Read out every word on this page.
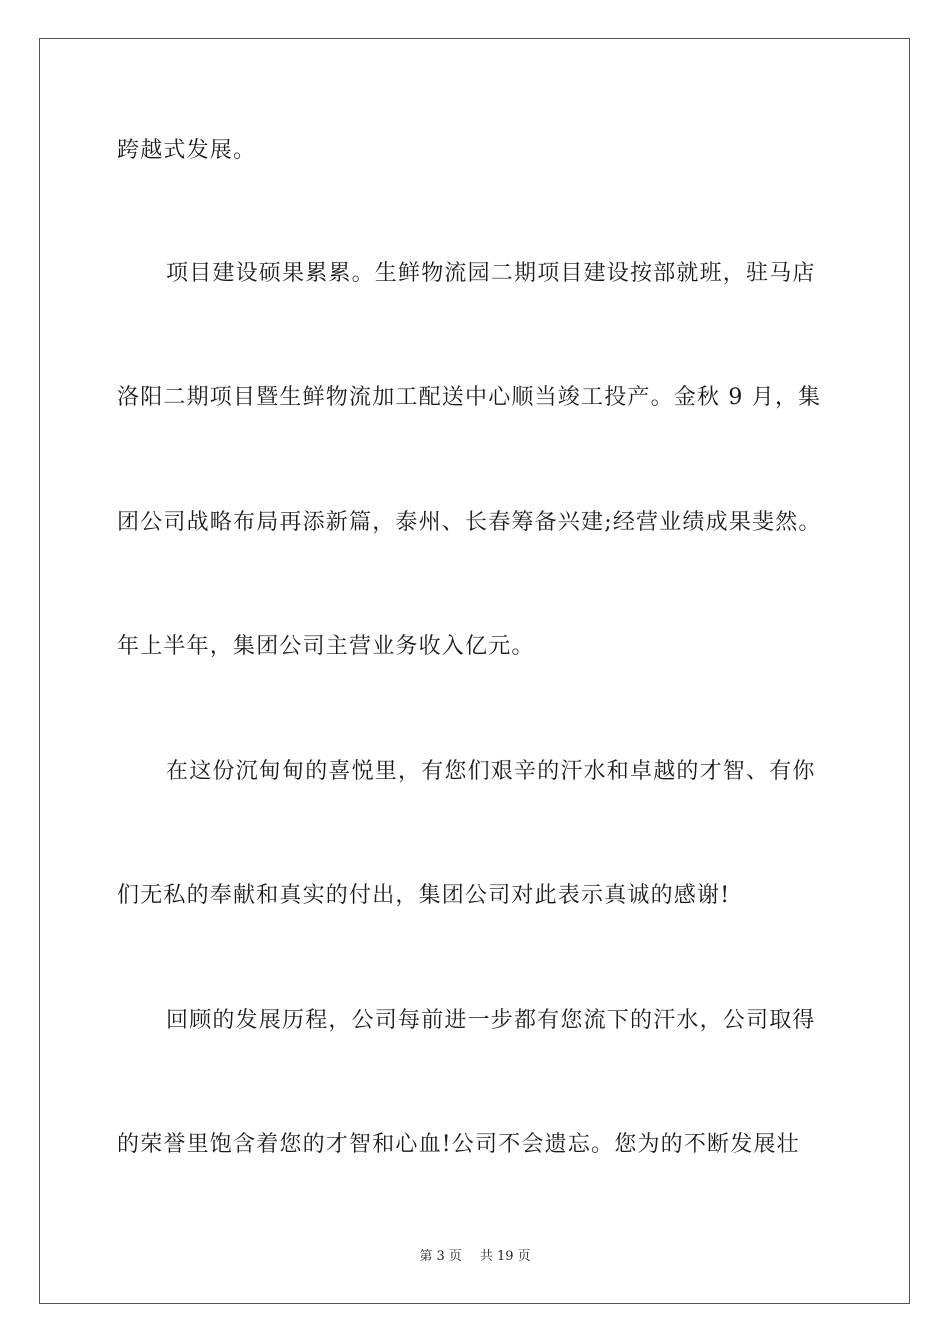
跨越式发展。
项目建设硕果累累。生鲜物流园二期项目建设按部就班，驻马店
洛阳二期项目暨生鲜物流加工配送中心顺当竣工投产。金秋 9 月，集
团公司战略布局再添新篇，泰州、长春筹备兴建;经营业绩成果斐然。
年上半年，集团公司主营业务收入亿元。
在这份沉甸甸的喜悦里，有您们艰辛的汗水和卓越的才智、有你
们无私的奉献和真实的付出，集团公司对此表示真诚的感谢!
回顾的发展历程，公司每前进一步都有您流下的汗水，公司取得
的荣誉里饱含着您的才智和心血!公司不会遗忘。您为的不断发展壮
第 3 页 共 19 页
